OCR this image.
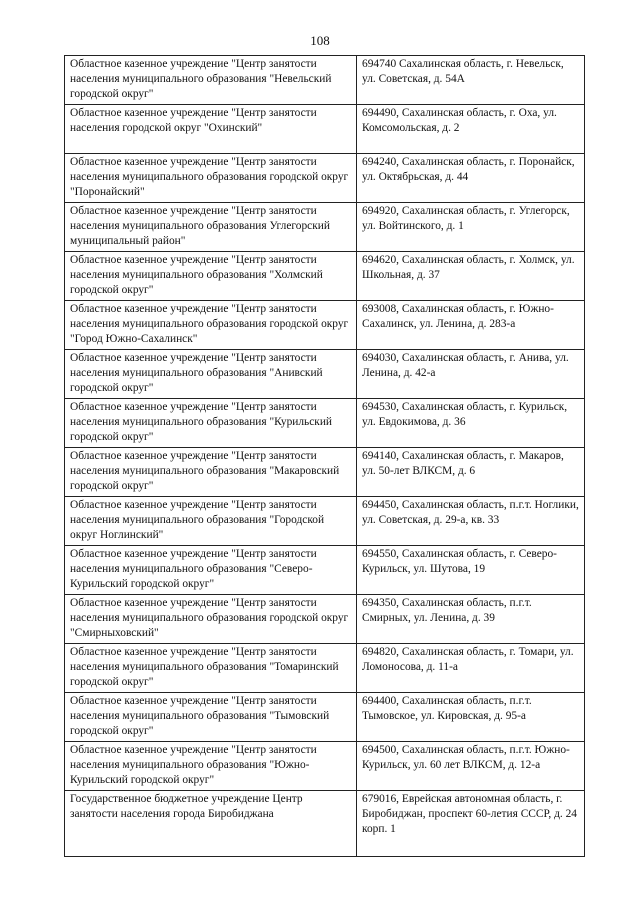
108
Областное казенное учреждение "Центр занятости населения муниципального образования "Невельский городской округ"	694740 Сахалинская область, г. Невельск, ул. Советская, д. 54А
Областное казенное учреждение "Центр занятости населения городской округ "Охинский"	694490, Сахалинская область, г. Оха, ул. Комсомольская, д. 2
Областное казенное учреждение "Центр занятости населения муниципального образования городской округ "Поронайский"	694240, Сахалинская область, г. Поронайск, ул. Октябрьская, д. 44
Областное казенное учреждение "Центр занятости населения муниципального образования Углегорский муниципальный район"	694920, Сахалинская область, г. Углегорск, ул. Войтинского, д. 1
Областное казенное учреждение "Центр занятости населения муниципального образования "Холмский городской округ"	694620, Сахалинская область, г. Холмск, ул. Школьная, д. 37
Областное казенное учреждение "Центр занятости населения муниципального образования городской округ "Город Южно-Сахалинск"	693008, Сахалинская область, г. Южно-Сахалинск, ул. Ленина, д. 283-а
Областное казенное учреждение "Центр занятости населения муниципального образования "Анивский городской округ"	694030, Сахалинская область, г. Анива, ул. Ленина, д. 42-а
Областное казенное учреждение "Центр занятости населения муниципального образования "Курильский городской округ"	694530, Сахалинская область, г. Курильск, ул. Евдокимова, д. 36
Областное казенное учреждение "Центр занятости населения муниципального образования "Макаровский городской округ"	694140, Сахалинская область, г. Макаров, ул. 50-лет ВЛКСМ, д. 6
Областное казенное учреждение "Центр занятости населения муниципального образования "Городской округ Ноглинский"	694450, Сахалинская область, п.г.т. Ноглики, ул. Советская, д. 29-а, кв. 33
Областное казенное учреждение "Центр занятости населения муниципального образования "Северо-Курильский городской округ"	694550, Сахалинская область, г. Северо-Курильск, ул. Шутова, 19
Областное казенное учреждение "Центр занятости населения муниципального образования городской округ "Смирныховский"	694350, Сахалинская область, п.г.т. Смирных, ул. Ленина, д. 39
Областное казенное учреждение "Центр занятости населения муниципального образования "Томаринский городской округ"	694820, Сахалинская область, г. Томари, ул. Ломоносова, д. 11-а
Областное казенное учреждение "Центр занятости населения муниципального образования "Тымовский городской округ"	694400, Сахалинская область, п.г.т. Тымовское, ул. Кировская, д. 95-а
Областное казенное учреждение "Центр занятости населения муниципального образования "Южно-Курильский городской округ"	694500, Сахалинская область, п.г.т. Южно-Курильск, ул. 60 лет ВЛКСМ, д. 12-а
Государственное бюджетное учреждение Центр занятости населения города Биробиджана	679016, Еврейская автономная область, г. Биробиджан, проспект 60-летия СССР, д. 24 корп. 1
